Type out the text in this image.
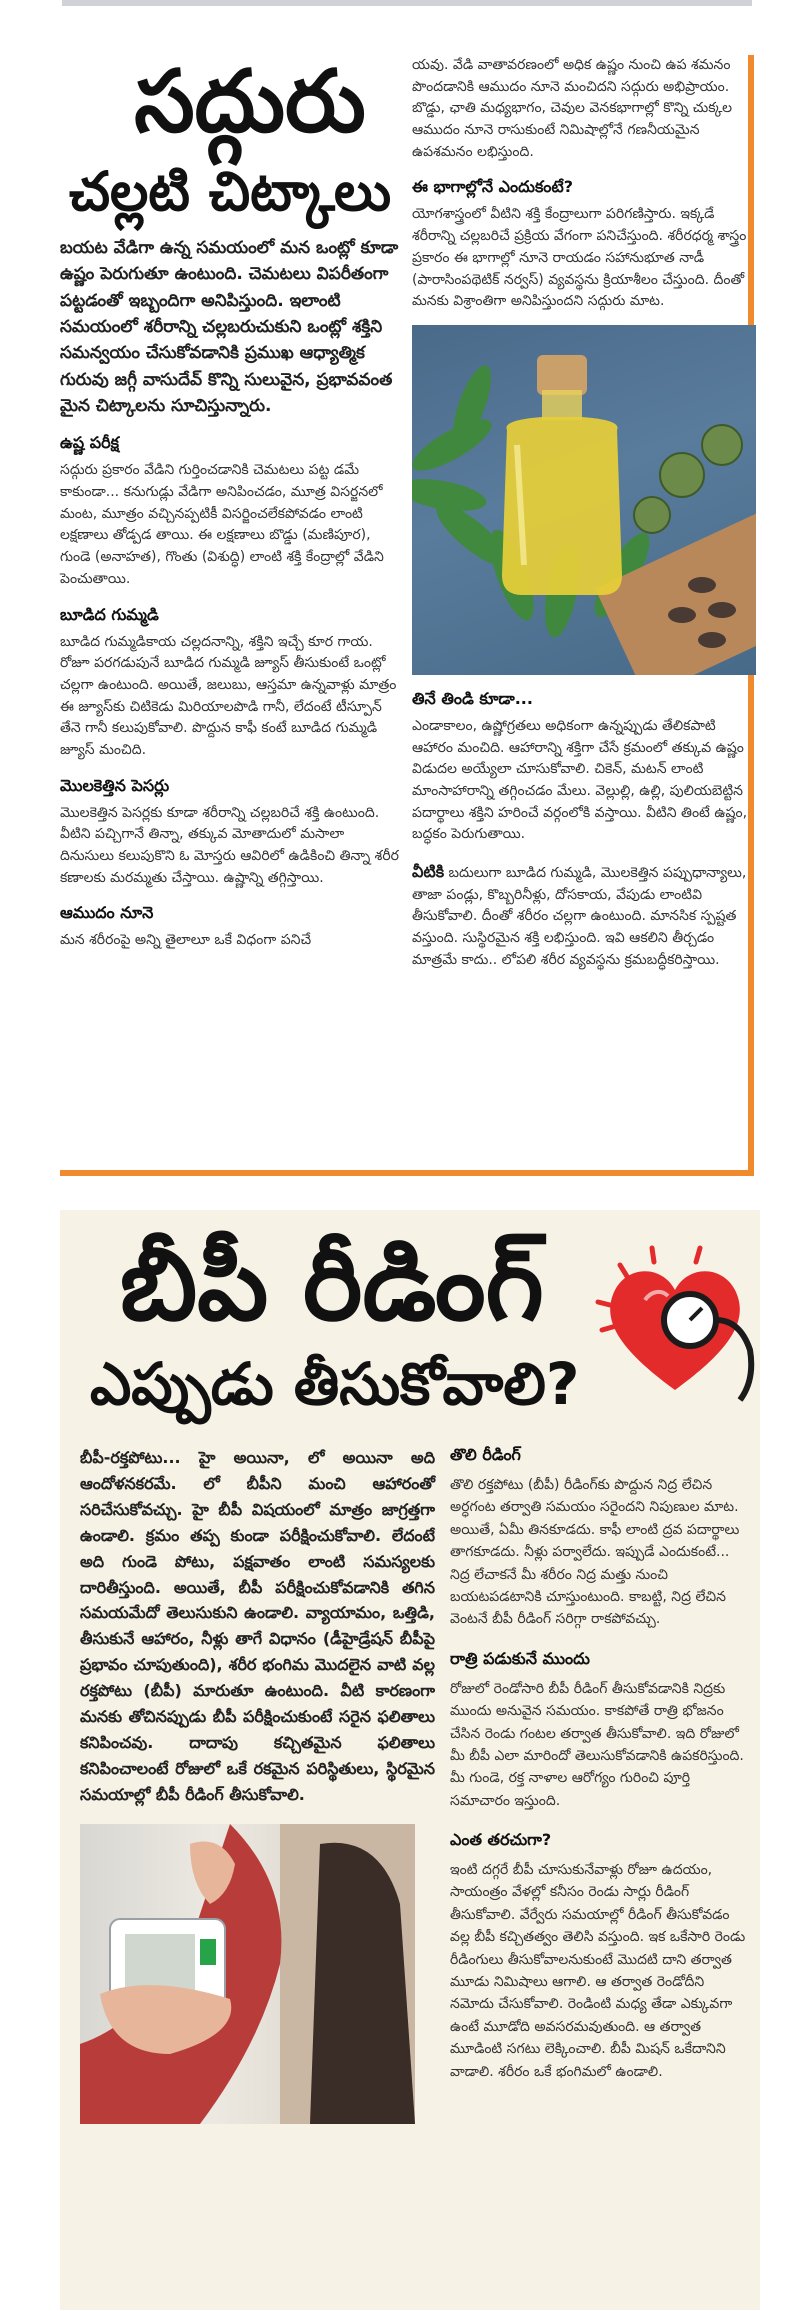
సద్గురు
చల్లటి చిట్కాలు

బయట వేడిగా ఉన్న సమయంలో మన ఒంట్లో కూడా ఉష్ణం పెరుగుతూ ఉంటుంది. చెమటలు విపరీతంగా పట్టడంతో ఇబ్బందిగా అనిపిస్తుంది. ఇలాంటి సమయంలో శరీరాన్ని చల్లబరుచుకుని ఒంట్లో శక్తిని సమన్వయం చేసుకోవడానికి ప్రముఖ ఆధ్యాత్మిక గురువు జగ్గీ వాసుదేవ్ కొన్ని సులువైన, ప్రభావవంత మైన చిట్కాలను సూచిస్తున్నారు.

ఉష్ణ పరీక్ష

సద్గురు ప్రకారం వేడిని గుర్తించడానికి చెమటలు పట్ట డమే కాకుండా... కనుగుడ్లు వేడిగా అనిపించడం, మూత్ర విసర్జనలో మంట, మూత్రం వచ్చినప్పటికీ విసర్జించలేకపోవడం లాంటి లక్షణాలు తోడ్పడ తాయి. ఈ లక్షణాలు బొడ్డు (మణిపూర), గుండె (అనాహత), గొంతు (విశుద్ధి) లాంటి శక్తి కేంద్రాల్లో వేడిని పెంచుతాయి.

బూడిద గుమ్మడి

బూడిద గుమ్మడికాయ చల్లదనాన్ని, శక్తిని ఇచ్చే కూర గాయ. రోజూ పరగడుపునే బూడిద గుమ్మడి జ్యూస్ తీసుకుంటే ఒంట్లో చల్లగా ఉంటుంది. అయితే, జలుబు, ఆస్తమా ఉన్నవాళ్లు మాత్రం ఈ జ్యూస్‌కు చిటికెడు మిరియాలపొడి గానీ, లేదంటే టీస్పూన్ తేనె గానీ కలుపుకోవాలి. పొద్దున కాఫీ కంటే బూడిద గుమ్మడి జ్యూస్ మంచిది.

మొలకెత్తిన పెసర్లు

మొలకెత్తిన పెసర్లకు కూడా శరీరాన్ని చల్లబరిచే శక్తి ఉంటుంది. వీటిని పచ్చిగానే తిన్నా, తక్కువ మోతాదులో మసాలా దినుసులు కలుపుకొని ఓ మోస్తరు ఆవిరిలో ఉడికించి తిన్నా శరీర కణాలకు మరమ్మతు చేస్తాయి. ఉష్ణాన్ని తగ్గిస్తాయి.

ఆముదం నూనె

మన శరీరంపై అన్ని తైలాలూ ఒకే విధంగా పనిచే

యవు. వేడి వాతావరణంలో అధిక ఉష్ణం నుంచి ఉప శమనం పొందడానికి ఆముదం నూనె మంచిదని సద్గురు అభిప్రాయం. బొడ్డు, ఛాతి మధ్యభాగం, చెవుల వెనకభాగాల్లో కొన్ని చుక్కల ఆముదం నూనె రాసుకుంటే నిమిషాల్లోనే గణనీయమైన ఉపశమనం లభిస్తుంది.

ఈ భాగాల్లోనే ఎందుకంటే?

యోగశాస్త్రంలో వీటిని శక్తి కేంద్రాలుగా పరిగణిస్తారు. ఇక్కడే శరీరాన్ని చల్లబరిచే ప్రక్రియ వేగంగా పనిచేస్తుంది. శరీరధర్మ శాస్త్రం ప్రకారం ఈ భాగాల్లో నూనె రాయడం సహానుభూత నాడీ (పారాసింపథెటిక్ నర్వస్) వ్యవస్థను క్రియాశీలం చేస్తుంది. దీంతో మనకు విశ్రాంతిగా అనిపిస్తుందని సద్గురు మాట.

తినే తిండి కూడా...

ఎండాకాలం, ఉష్ణోగ్రతలు అధికంగా ఉన్నప్పుడు తేలికపాటి ఆహారం మంచిది. ఆహారాన్ని శక్తిగా చేసే క్రమంలో తక్కువ ఉష్ణం విడుదల అయ్యేలా చూసుకోవాలి. చికెన్, మటన్ లాంటి మాంసాహారాన్ని తగ్గించడం మేలు. వెల్లుల్లి, ఉల్లి, పులియబెట్టిన పదార్థాలు శక్తిని హరించే వర్గంలోకి వస్తాయి. వీటిని తింటే ఉష్ణం, బద్ధకం పెరుగుతాయి.

వీటికి బదులుగా బూడిద గుమ్మడి, మొలకెత్తిన పప్పుధాన్యాలు, తాజా పండ్లు, కొబ్బరినీళ్లు, దోసకాయ, వేపుడు లాంటివి తీసుకోవాలి. దీంతో శరీరం చల్లగా ఉంటుంది. మానసిక స్పష్టత వస్తుంది. సుస్థిరమైన శక్తి లభిస్తుంది. ఇవి ఆకలిని తీర్చడం మాత్రమే కాదు.. లోపలి శరీర వ్యవస్థను క్రమబద్ధీకరిస్తాయి.

బీపీ రీడింగ్
ఎప్పుడు తీసుకోవాలి?

బీపీ-రక్తపోటు... హై అయినా, లో అయినా అది ఆందోళనకరమే. లో బీపీని మంచి ఆహారంతో సరిచేసుకోవచ్చు. హై బీపీ విషయంలో మాత్రం జాగ్రత్తగా ఉండాలి. క్రమం తప్ప కుండా పరీక్షించుకోవాలి. లేదంటే అది గుండె పోటు, పక్షవాతం లాంటి సమస్యలకు దారితీస్తుంది. అయితే, బీపీ పరీక్షించుకోవడానికి తగిన సమయమేదో తెలుసుకుని ఉండాలి. వ్యాయామం, ఒత్తిడి, తీసుకునే ఆహారం, నీళ్లు తాగే విధానం (డీహైడ్రేషన్ బీపీపై ప్రభావం చూపుతుంది), శరీర భంగిమ మొదలైన వాటి వల్ల రక్తపోటు (బీపీ) మారుతూ ఉంటుంది. వీటి కారణంగా మనకు తోచినప్పుడు బీపీ పరీక్షించుకుంటే సరైన ఫలితాలు కనిపించవు. దాదాపు కచ్చితమైన ఫలితాలు కనిపించాలంటే రోజులో ఒకే రకమైన పరిస్థితులు, స్థిరమైన సమయాల్లో బీపీ రీడింగ్ తీసుకోవాలి.

తొలి రీడింగ్

తొలి రక్తపోటు (బీపీ) రీడింగ్‌కు పొద్దున నిద్ర లేచిన అర్ధగంట తర్వాతి సమయం సరైందని నిపుణుల మాట. అయితే, ఏమీ తినకూడదు. కాఫీ లాంటి ద్రవ పదార్థాలు తాగకూడదు. నీళ్లు పర్వాలేదు. ఇప్పుడే ఎందుకంటే... నిద్ర లేచాకనే మీ శరీరం నిద్ర మత్తు నుంచి బయటపడటానికి చూస్తుంటుంది. కాబట్టి, నిద్ర లేచిన వెంటనే బీపీ రీడింగ్ సరిగ్గా రాకపోవచ్చు.

రాత్రి పడుకునే ముందు

రోజులో రెండోసారి బీపీ రీడింగ్ తీసుకోవడానికి నిద్రకు ముందు అనువైన సమయం. కాకపోతే రాత్రి భోజనం చేసిన రెండు గంటల తర్వాత తీసుకోవాలి. ఇది రోజులో మీ బీపీ ఎలా మారిందో తెలుసుకోవడానికి ఉపకరిస్తుంది. మీ గుండె, రక్త నాళాల ఆరోగ్యం గురించి పూర్తి సమాచారం ఇస్తుంది.

ఎంత తరచుగా?

ఇంటి దగ్గరే బీపీ చూసుకునేవాళ్లు రోజూ ఉదయం, సాయంత్రం వేళల్లో కనీసం రెండు సార్లు రీడింగ్ తీసుకోవాలి. వేర్వేరు సమయాల్లో రీడింగ్ తీసుకోవడం వల్ల బీపీ కచ్చితత్వం తెలిసి వస్తుంది. ఇక ఒకేసారి రెండు రీడింగులు తీసుకోవాలనుకుంటే మొదటి దాని తర్వాత మూడు నిమిషాలు ఆగాలి. ఆ తర్వాత రెండోదీని నమోదు చేసుకోవాలి. రెండింటి మధ్య తేడా ఎక్కువగా ఉంటే మూడోది అవసరమవుతుంది. ఆ తర్వాత మూడింటి సగటు లెక్కించాలి. బీపీ మిషన్ ఒకేదానిని వాడాలి. శరీరం ఒకే భంగిమలో ఉండాలి.
